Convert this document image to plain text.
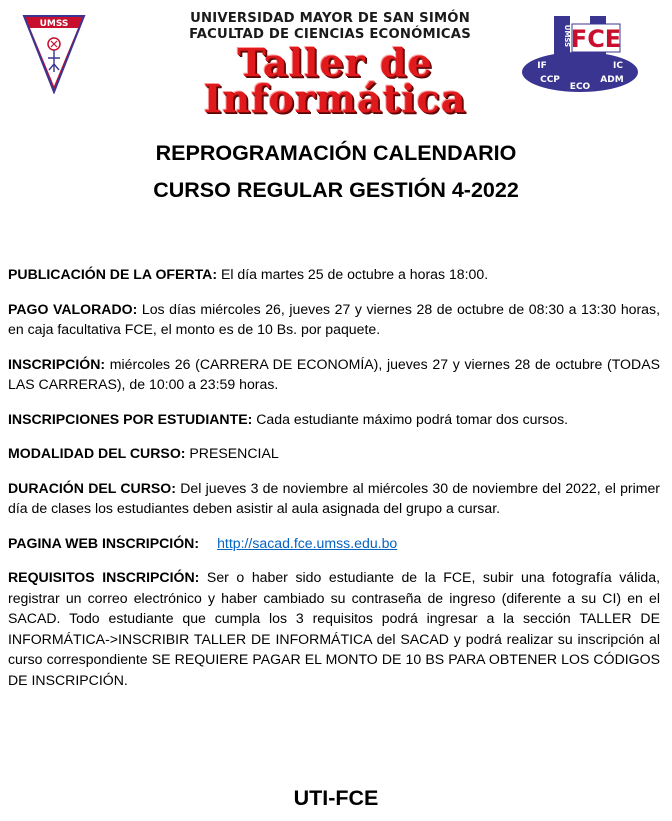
UMSS	UNIVERSIDAD MAYOR DE SAN SIMÓN
FACULTAD DE CIENCIAS ECONÓMICAS
Taller de
Informática
FCE
UMSS
IF	IC
CCP
ECO
ADM
REPROGRAMACIÓN CALENDARIO
CURSO REGULAR GESTIÓN 4-2022

PUBLICACIÓN DE LA OFERTA: El día martes 25 de octubre a horas 18:00.

PAGO VALORADO: Los días miércoles 26, jueves 27 y viernes 28 de octubre de 08:30 a 13:30 horas, en caja facultativa FCE, el monto es de 10 Bs. por paquete.

INSCRIPCIÓN: miércoles 26 (CARRERA DE ECONOMÍA), jueves 27 y viernes 28 de octubre (TODAS LAS CARRERAS), de 10:00 a 23:59 horas.

INSCRIPCIONES POR ESTUDIANTE: Cada estudiante máximo podrá tomar dos cursos.

MODALIDAD DEL CURSO: PRESENCIAL

DURACIÓN DEL CURSO: Del jueves 3 de noviembre al miércoles 30 de noviembre del 2022, el primer día de clases los estudiantes deben asistir al aula asignada del grupo a cursar.

PAGINA WEB INSCRIPCIÓN: http://sacad.fce.umss.edu.bo

REQUISITOS INSCRIPCIÓN: Ser o haber sido estudiante de la FCE, subir una fotografía válida, registrar un correo electrónico y haber cambiado su contraseña de ingreso (diferente a su CI) en el SACAD. Todo estudiante que cumpla los 3 requisitos podrá ingresar a la sección TALLER DE INFORMÁTICA->INSCRIBIR TALLER DE INFORMÁTICA del SACAD y podrá realizar su inscripción al curso correspondiente SE REQUIERE PAGAR EL MONTO DE 10 BS PARA OBTENER LOS CÓDIGOS DE INSCRIPCIÓN.

UTI-FCE
